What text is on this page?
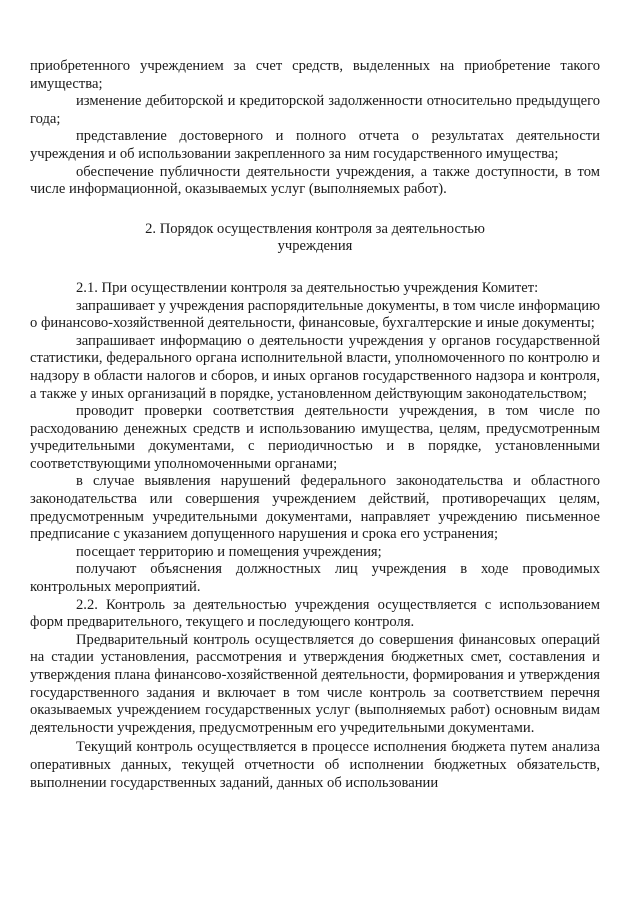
приобретенного учреждением за счет средств, выделенных на приобретение такого имущества;

изменение дебиторской и кредиторской задолженности относительно предыдущего года;

представление достоверного и полного отчета о результатах деятельности учреждения и об использовании закрепленного за ним государственного имущества;

обеспечение публичности деятельности учреждения, а также доступности, в том числе информационной, оказываемых услуг (выполняемых работ).

2. Порядок осуществления контроля за деятельностью

учреждения

2.1. При осуществлении контроля за деятельностью учреждения Комитет:

запрашивает у учреждения распорядительные документы, в том числе информацию о финансово-хозяйственной деятельности, финансовые, бухгалтерские и иные документы;

запрашивает информацию о деятельности учреждения у органов государственной статистики, федерального органа исполнительной власти, уполномоченного по контролю и надзору в области налогов и сборов, и иных органов государственного надзора и контроля, а также у иных организаций в порядке, установленном действующим законодательством;

проводит проверки соответствия деятельности учреждения, в том числе по расходованию денежных средств и использованию имущества, целям, предусмотренным учредительными документами, с периодичностью и в порядке, установленными соответствующими уполномоченными органами;

в случае выявления нарушений федерального законодательства и областного законодательства или совершения учреждением действий, противоречащих целям, предусмотренным учредительными документами, направляет учреждению письменное предписание с указанием допущенного нарушения и срока его устранения;

посещает территорию и помещения учреждения;

получают объяснения должностных лиц учреждения в ходе проводимых контрольных мероприятий.

2.2. Контроль за деятельностью учреждения осуществляется с использованием форм предварительного, текущего и последующего контроля.

Предварительный контроль осуществляется до совершения финансовых операций на стадии установления, рассмотрения и утверждения бюджетных смет, составления и утверждения плана финансово-хозяйственной деятельности, формирования и утверждения государственного задания и включает в том числе контроль за соответствием перечня оказываемых учреждением государственных услуг (выполняемых работ) основным видам деятельности учреждения, предусмотренным его учредительными документами.

Текущий контроль осуществляется в процессе исполнения бюджета путем анализа оперативных данных, текущей отчетности об исполнении бюджетных обязательств, выполнении государственных заданий, данных об использовании
